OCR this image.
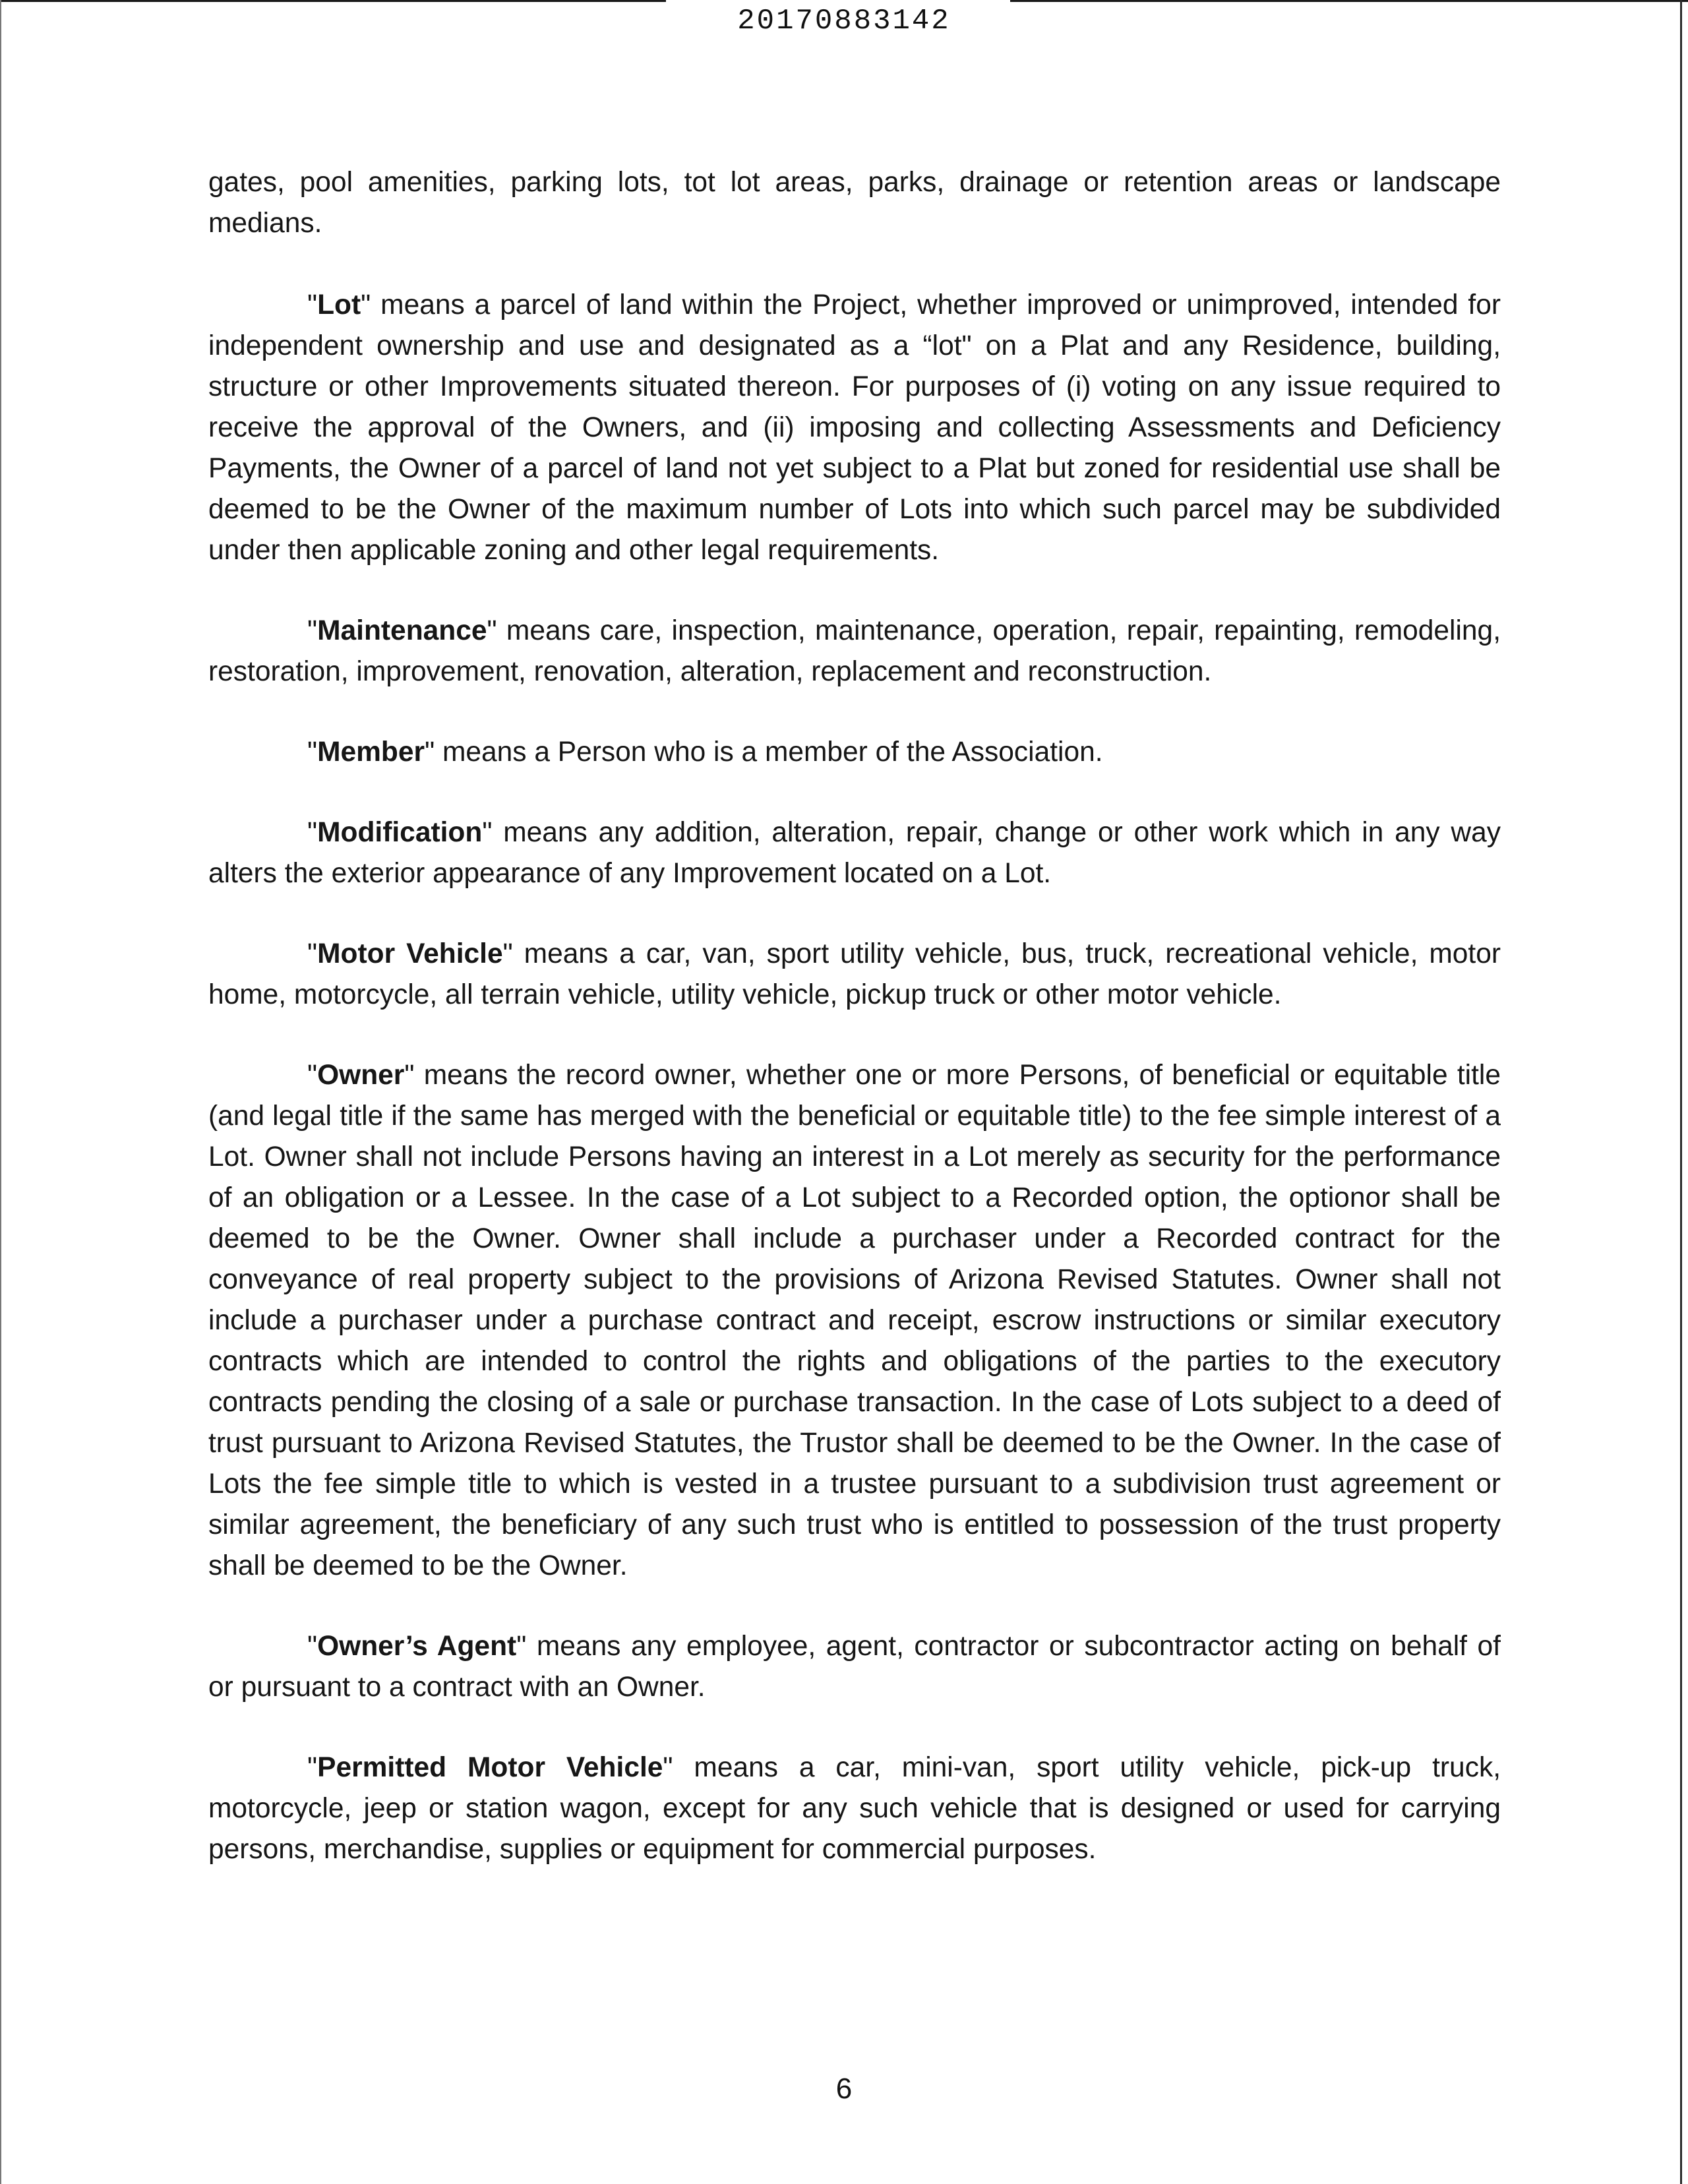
20170883142

gates, pool amenities, parking lots, tot lot areas, parks, drainage or retention areas or landscape medians.

"Lot" means a parcel of land within the Project, whether improved or unimproved, intended for independent ownership and use and designated as a “lot" on a Plat and any Residence, building, structure or other Improvements situated thereon. For purposes of (i) voting on any issue required to receive the approval of the Owners, and (ii) imposing and collecting Assessments and Deficiency Payments, the Owner of a parcel of land not yet subject to a Plat but zoned for residential use shall be deemed to be the Owner of the maximum number of Lots into which such parcel may be subdivided under then applicable zoning and other legal requirements.

"Maintenance" means care, inspection, maintenance, operation, repair, repainting, remodeling, restoration, improvement, renovation, alteration, replacement and reconstruction.

"Member" means a Person who is a member of the Association.

"Modification" means any addition, alteration, repair, change or other work which in any way alters the exterior appearance of any Improvement located on a Lot.

"Motor Vehicle" means a car, van, sport utility vehicle, bus, truck, recreational vehicle, motor home, motorcycle, all terrain vehicle, utility vehicle, pickup truck or other motor vehicle.

"Owner" means the record owner, whether one or more Persons, of beneficial or equitable title (and legal title if the same has merged with the beneficial or equitable title) to the fee simple interest of a Lot. Owner shall not include Persons having an interest in a Lot merely as security for the performance of an obligation or a Lessee. In the case of a Lot subject to a Recorded option, the optionor shall be deemed to be the Owner. Owner shall include a purchaser under a Recorded contract for the conveyance of real property subject to the provisions of Arizona Revised Statutes. Owner shall not include a purchaser under a purchase contract and receipt, escrow instructions or similar executory contracts which are intended to control the rights and obligations of the parties to the executory contracts pending the closing of a sale or purchase transaction. In the case of Lots subject to a deed of trust pursuant to Arizona Revised Statutes, the Trustor shall be deemed to be the Owner. In the case of Lots the fee simple title to which is vested in a trustee pursuant to a subdivision trust agreement or similar agreement, the beneficiary of any such trust who is entitled to possession of the trust property shall be deemed to be the Owner.

"Owner’s Agent" means any employee, agent, contractor or subcontractor acting on behalf of or pursuant to a contract with an Owner.

"Permitted Motor Vehicle" means a car, mini-van, sport utility vehicle, pick-up truck, motorcycle, jeep or station wagon, except for any such vehicle that is designed or used for carrying persons, merchandise, supplies or equipment for commercial purposes.

6
